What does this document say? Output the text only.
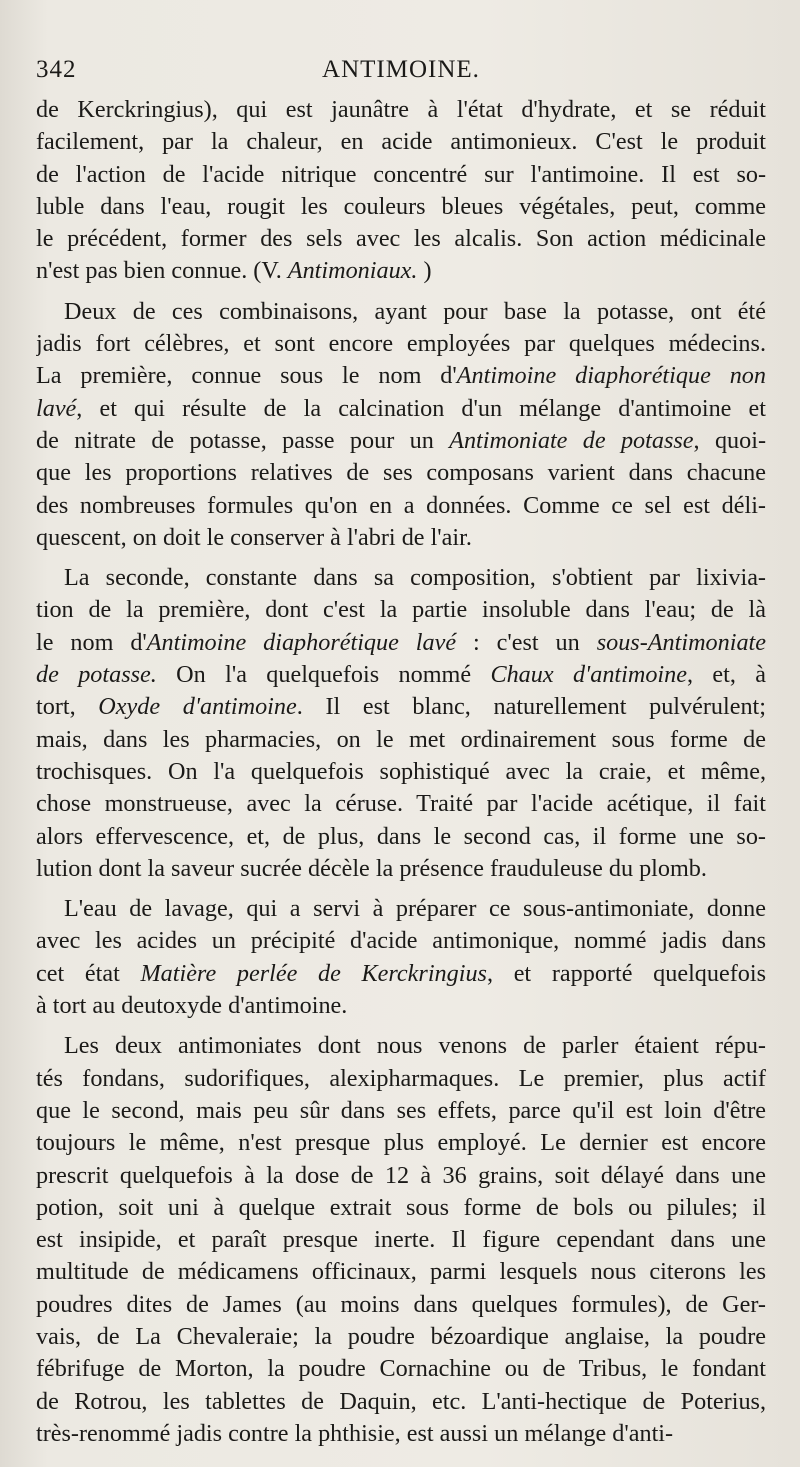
342	ANTIMOINE.

de Kerckringius), qui est jaunâtre à l'état d'hydrate, et se réduit
facilement, par la chaleur, en acide antimonieux. C'est le produit
de l'action de l'acide nitrique concentré sur l'antimoine. Il est so-
luble dans l'eau, rougit les couleurs bleues végétales, peut, comme
le précédent, former des sels avec les alcalis. Son action médicinale
n'est pas bien connue. (V. Antimoniaux. )

Deux de ces combinaisons, ayant pour base la potasse, ont été
jadis fort célèbres, et sont encore employées par quelques médecins.
La première, connue sous le nom d'Antimoine diaphorétique non
lavé, et qui résulte de la calcination d'un mélange d'antimoine et
de nitrate de potasse, passe pour un Antimoniate de potasse, quoi-
que les proportions relatives de ses composans varient dans chacune
des nombreuses formules qu'on en a données. Comme ce sel est déli-
quescent, on doit le conserver à l'abri de l'air.

La seconde, constante dans sa composition, s'obtient par lixivia-
tion de la première, dont c'est la partie insoluble dans l'eau; de là
le nom d'Antimoine diaphorétique lavé : c'est un sous-Antimoniate
de potasse. On l'a quelquefois nommé Chaux d'antimoine, et, à
tort, Oxyde d'antimoine. Il est blanc, naturellement pulvérulent;
mais, dans les pharmacies, on le met ordinairement sous forme de
trochisques. On l'a quelquefois sophistiqué avec la craie, et même,
chose monstrueuse, avec la céruse. Traité par l'acide acétique, il fait
alors effervescence, et, de plus, dans le second cas, il forme une so-
lution dont la saveur sucrée décèle la présence frauduleuse du plomb.

L'eau de lavage, qui a servi à préparer ce sous-antimoniate, donne
avec les acides un précipité d'acide antimonique, nommé jadis dans
cet état Matière perlée de Kerckringius, et rapporté quelquefois
à tort au deutoxyde d'antimoine.

Les deux antimoniates dont nous venons de parler étaient répu-
tés fondans, sudorifiques, alexipharmaques. Le premier, plus actif
que le second, mais peu sûr dans ses effets, parce qu'il est loin d'être
toujours le même, n'est presque plus employé. Le dernier est encore
prescrit quelquefois à la dose de 12 à 36 grains, soit délayé dans une
potion, soit uni à quelque extrait sous forme de bols ou pilules; il
est insipide, et paraît presque inerte. Il figure cependant dans une
multitude de médicamens officinaux, parmi lesquels nous citerons les
poudres dites de James (au moins dans quelques formules), de Ger-
vais, de La Chevaleraie; la poudre bézoardique anglaise, la poudre
fébrifuge de Morton, la poudre Cornachine ou de Tribus, le fondant
de Rotrou, les tablettes de Daquin, etc. L'anti-hectique de Poterius,
très-renommé jadis contre la phthisie, est aussi un mélange d'anti-
